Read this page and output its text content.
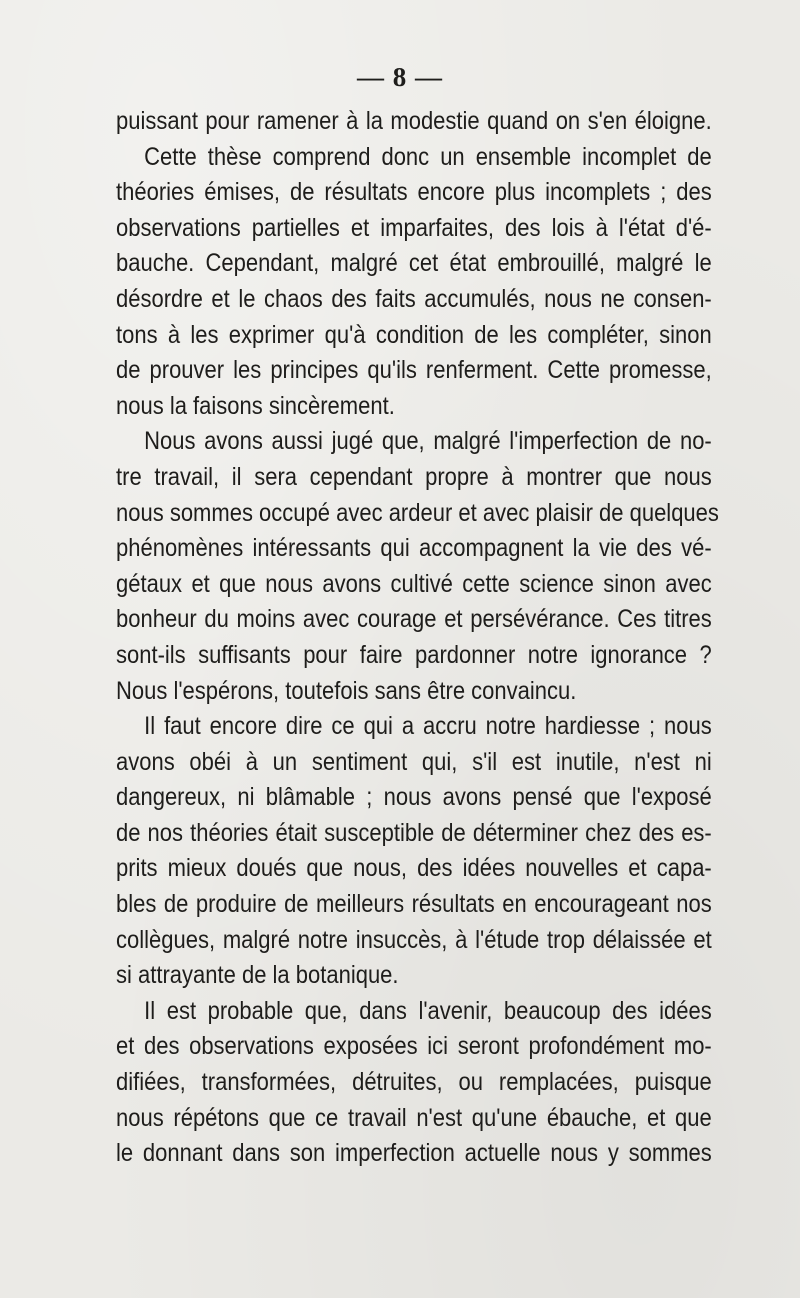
— 8 —
puissant pour ramener à la modestie quand on s'en éloigne.
Cette thèse comprend donc un ensemble incomplet de
théories émises, de résultats encore plus incomplets ; des
observations partielles et imparfaites, des lois à l'état d'é-
bauche. Cependant, malgré cet état embrouillé, malgré le
désordre et le chaos des faits accumulés, nous ne consen-
tons à les exprimer qu'à condition de les compléter, sinon
de prouver les principes qu'ils renferment. Cette promesse,
nous la faisons sincèrement.
Nous avons aussi jugé que, malgré l'imperfection de no-
tre travail, il sera cependant propre à montrer que nous
nous sommes occupé avec ardeur et avec plaisir de quelques
phénomènes intéressants qui accompagnent la vie des vé-
gétaux et que nous avons cultivé cette science sinon avec
bonheur du moins avec courage et persévérance. Ces titres
sont-ils suffisants pour faire pardonner notre ignorance ?
Nous l'espérons, toutefois sans être convaincu.
Il faut encore dire ce qui a accru notre hardiesse ; nous
avons obéi à un sentiment qui, s'il est inutile, n'est ni
dangereux, ni blâmable ; nous avons pensé que l'exposé
de nos théories était susceptible de déterminer chez des es-
prits mieux doués que nous, des idées nouvelles et capa-
bles de produire de meilleurs résultats en encourageant nos
collègues, malgré notre insuccès, à l'étude trop délaissée et
si attrayante de la botanique.
Il est probable que, dans l'avenir, beaucoup des idées
et des observations exposées ici seront profondément mo-
difiées, transformées, détruites, ou remplacées, puisque
nous répétons que ce travail n'est qu'une ébauche, et que
le donnant dans son imperfection actuelle nous y sommes
